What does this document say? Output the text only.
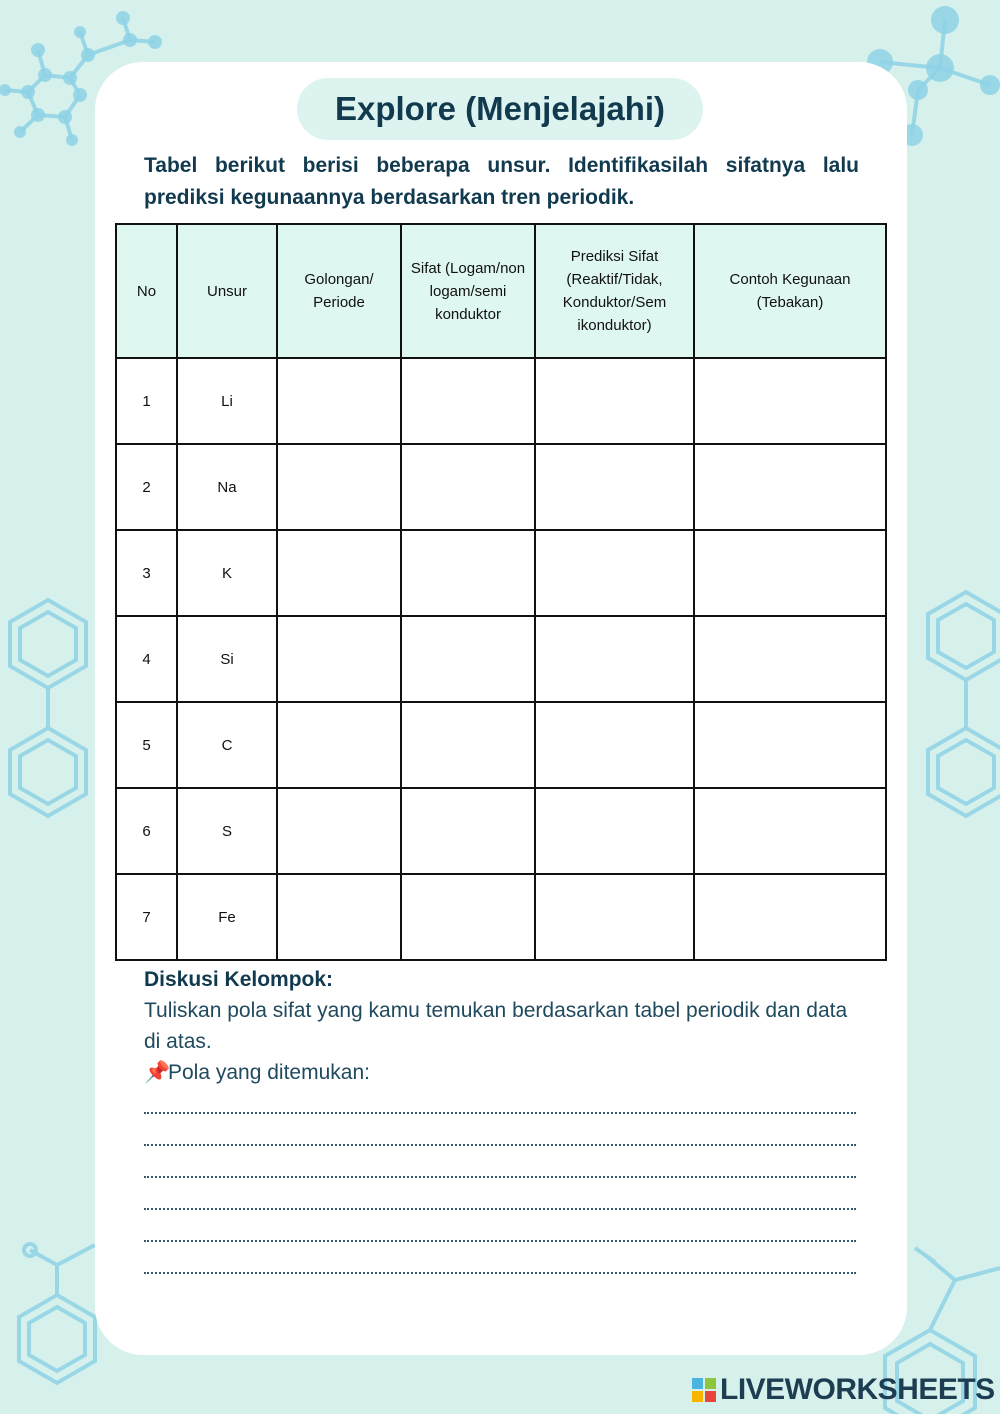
Explore (Menjelajahi)
Tabel berikut berisi beberapa unsur. Identifikasilah sifatnya lalu prediksi kegunaannya berdasarkan tren periodik.
No	Unsur	Golongan/ Periode	Sifat (Logam/non logam/semi konduktor	Prediksi Sifat (Reaktif/Tidak, Konduktor/Sem ikonduktor)	Contoh Kegunaan (Tebakan)
1	Li				
2	Na				
3	K				
4	Si				
5	C				
6	S				
7	Fe				
Diskusi Kelompok:
Tuliskan pola sifat yang kamu temukan berdasarkan tabel periodik dan data di atas.
📌Pola yang ditemukan:
LIVEWORKSHEETS
